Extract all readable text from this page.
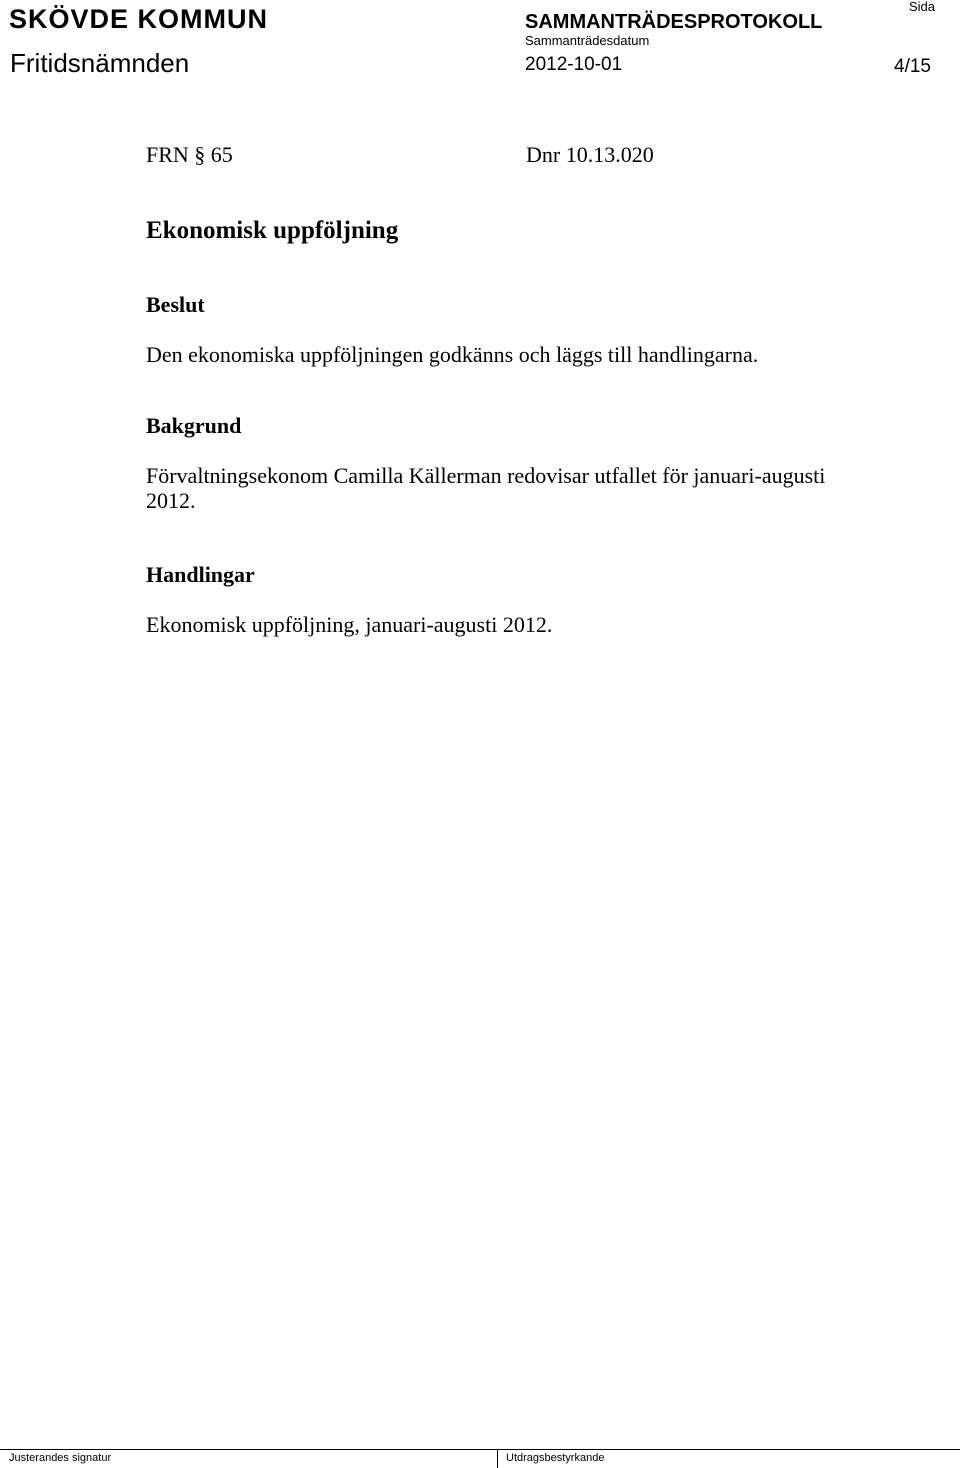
SKÖVDE KOMMUN
Fritidsnämnden
SAMMANTRÄDESPROTOKOLL
Sammanträdesdatum
2012-10-01
Sida
4/15
FRN § 65	Dnr 10.13.020
Ekonomisk uppföljning
Beslut
Den ekonomiska uppföljningen godkänns och läggs till handlingarna.
Bakgrund
Förvaltningsekonom Camilla Källerman redovisar utfallet för januari-augusti 2012.
Handlingar
Ekonomisk uppföljning, januari-augusti 2012.
Justerandes signatur	Utdragsbestyrkande
